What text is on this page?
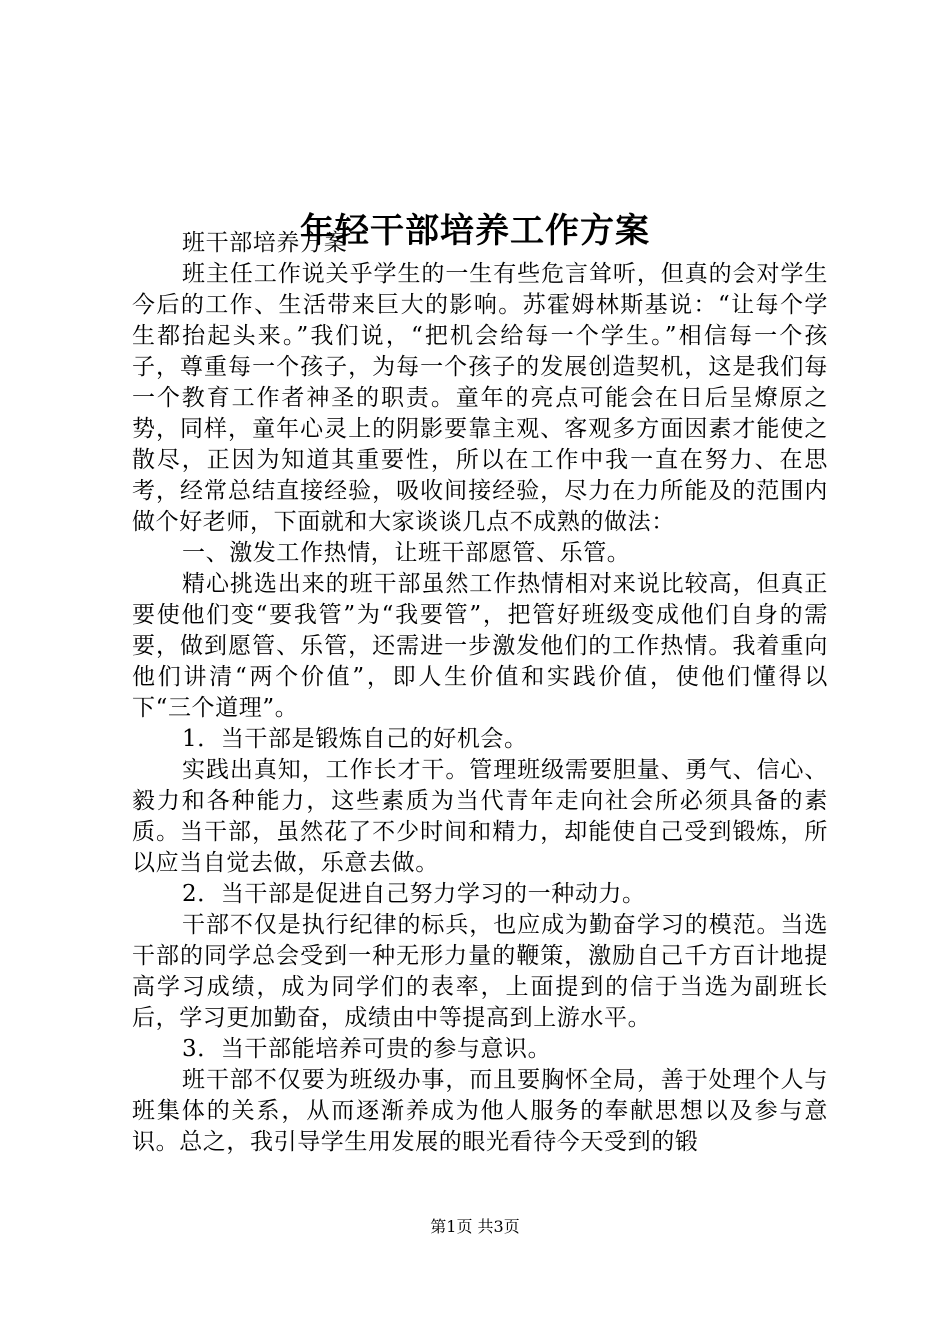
年轻干部培养工作方案

班干部培养方案

班主任工作说关乎学生的一生有些危言耸听，但真的会对学生今后的工作、生活带来巨大的影响。苏霍姆林斯基说：“让每个学生都抬起头来。”我们说，“把机会给每一个学生。”相信每一个孩子，尊重每一个孩子，为每一个孩子的发展创造契机，这是我们每一个教育工作者神圣的职责。童年的亮点可能会在日后呈燎原之势，同样，童年心灵上的阴影要靠主观、客观多方面因素才能使之散尽，正因为知道其重要性，所以在工作中我一直在努力、在思考，经常总结直接经验，吸收间接经验，尽力在力所能及的范围内做个好老师，下面就和大家谈谈几点不成熟的做法：

一、激发工作热情，让班干部愿管、乐管。

精心挑选出来的班干部虽然工作热情相对来说比较高，但真正要使他们变“要我管”为“我要管”，把管好班级变成他们自身的需要，做到愿管、乐管，还需进一步激发他们的工作热情。我着重向他们讲清“两个价值”，即人生价值和实践价值，使他们懂得以下“三个道理”。

1．当干部是锻炼自己的好机会。

实践出真知，工作长才干。管理班级需要胆量、勇气、信心、毅力和各种能力，这些素质为当代青年走向社会所必须具备的素质。当干部，虽然花了不少时间和精力，却能使自己受到锻炼，所以应当自觉去做，乐意去做。

2．当干部是促进自己努力学习的一种动力。

干部不仅是执行纪律的标兵，也应成为勤奋学习的模范。当选干部的同学总会受到一种无形力量的鞭策，激励自己千方百计地提高学习成绩，成为同学们的表率，上面提到的信于当选为副班长后，学习更加勤奋，成绩由中等提高到上游水平。

3．当干部能培养可贵的参与意识。

班干部不仅要为班级办事，而且要胸怀全局，善于处理个人与班集体的关系，从而逐渐养成为他人服务的奉献思想以及参与意识。总之，我引导学生用发展的眼光看待今天受到的锻

第1页 共3页
